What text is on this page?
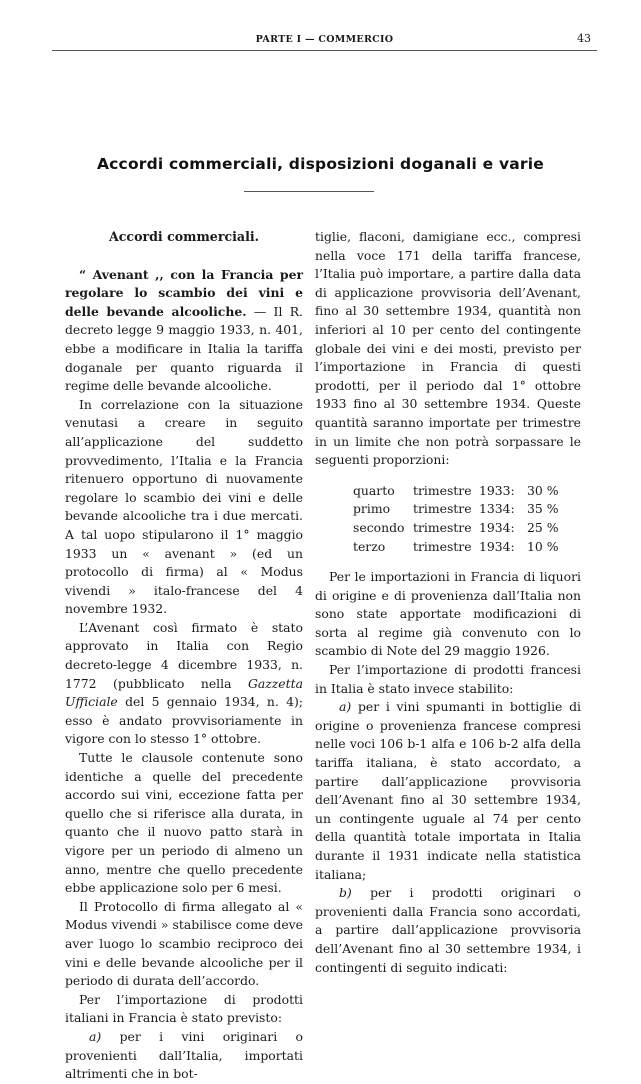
PARTE I — COMMERCIO	43
Accordi commerciali, disposizioni doganali e varie
Accordi commerciali.

“ Avenant ,, con la Francia per regolare lo scambio dei vini e delle bevande alcooliche. — Il R. decreto legge 9 maggio 1933, n. 401, ebbe a modificare in Italia la tariffa doganale per quanto riguarda il regime delle bevande alcooliche.

In correlazione con la situazione venutasi a creare in seguito all’applicazione del suddetto provvedimento, l’Italia e la Francia ritenuero opportuno di nuovamente regolare lo scambio dei vini e delle bevande alcooliche tra i due mercati. A tal uopo stipularono il 1° maggio 1933 un « avenant » (ed un protocollo di firma) al « Modus vivendi » italo-francese del 4 novembre 1932.

L’Avenant così firmato è stato approvato in Italia con Regio decreto-legge 4 dicembre 1933, n. 1772 (pubblicato nella Gazzetta Ufficiale del 5 gennaio 1934, n. 4); esso è andato provvisoriamente in vigore con lo stesso 1° ottobre.

Tutte le clausole contenute sono identiche a quelle del precedente accordo sui vini, eccezione fatta per quello che si riferisce alla durata, in quanto che il nuovo patto starà in vigore per un periodo di almeno un anno, mentre che quello precedente ebbe applicazione solo per 6 mesi.

Il Protocollo di firma allegato al « Modus vivendi » stabilisce come deve aver luogo lo scambio reciproco dei vini e delle bevande alcooliche per il periodo di durata dell’accordo.

Per l’importazione di prodotti italiani in Francia è stato previsto:

a) per i vini originari o provenienti dall’Italia, importati altrimenti che in bot-

tiglie, flaconi, damigiane ecc., compresi nella voce 171 della tariffa francese, l’Italia può importare, a partire dalla data di applicazione provvisoria dell’Avenant, fino al 30 settembre 1934, quantità non inferiori al 10 per cento del contingente globale dei vini e dei mosti, previsto per l’importazione in Francia di questi prodotti, per il periodo dal 1° ottobre 1933 fino al 30 settembre 1934. Queste quantità saranno importate per trimestre in un limite che non potrà sorpassare le seguenti proporzioni:

quarto	trimestre	1933:	30 %
primo	trimestre	1334:	35 %
secondo	trimestre	1934:	25 %
terzo	trimestre	1934:	10 %

Per le importazioni in Francia di liquori di origine e di provenienza dall’Italia non sono state apportate modificazioni di sorta al regime già convenuto con lo scambio di Note del 29 maggio 1926.

Per l’importazione di prodotti francesi in Italia è stato invece stabilito:

a) per i vini spumanti in bottiglie di origine o provenienza francese compresi nelle voci 106 b-1 alfa e 106 b-2 alfa della tariffa italiana, è stato accordato, a partire dall’applicazione provvisoria dell’Avenant fino al 30 settembre 1934, un contingente uguale al 74 per cento della quantità totale importata in Italia durante il 1931 indicate nella statistica italiana;

b) per i prodotti originari o provenienti dalla Francia sono accordati, a partire dall’applicazione provvisoria dell’Avenant fino al 30 settembre 1934, i contingenti di seguito indicati:
